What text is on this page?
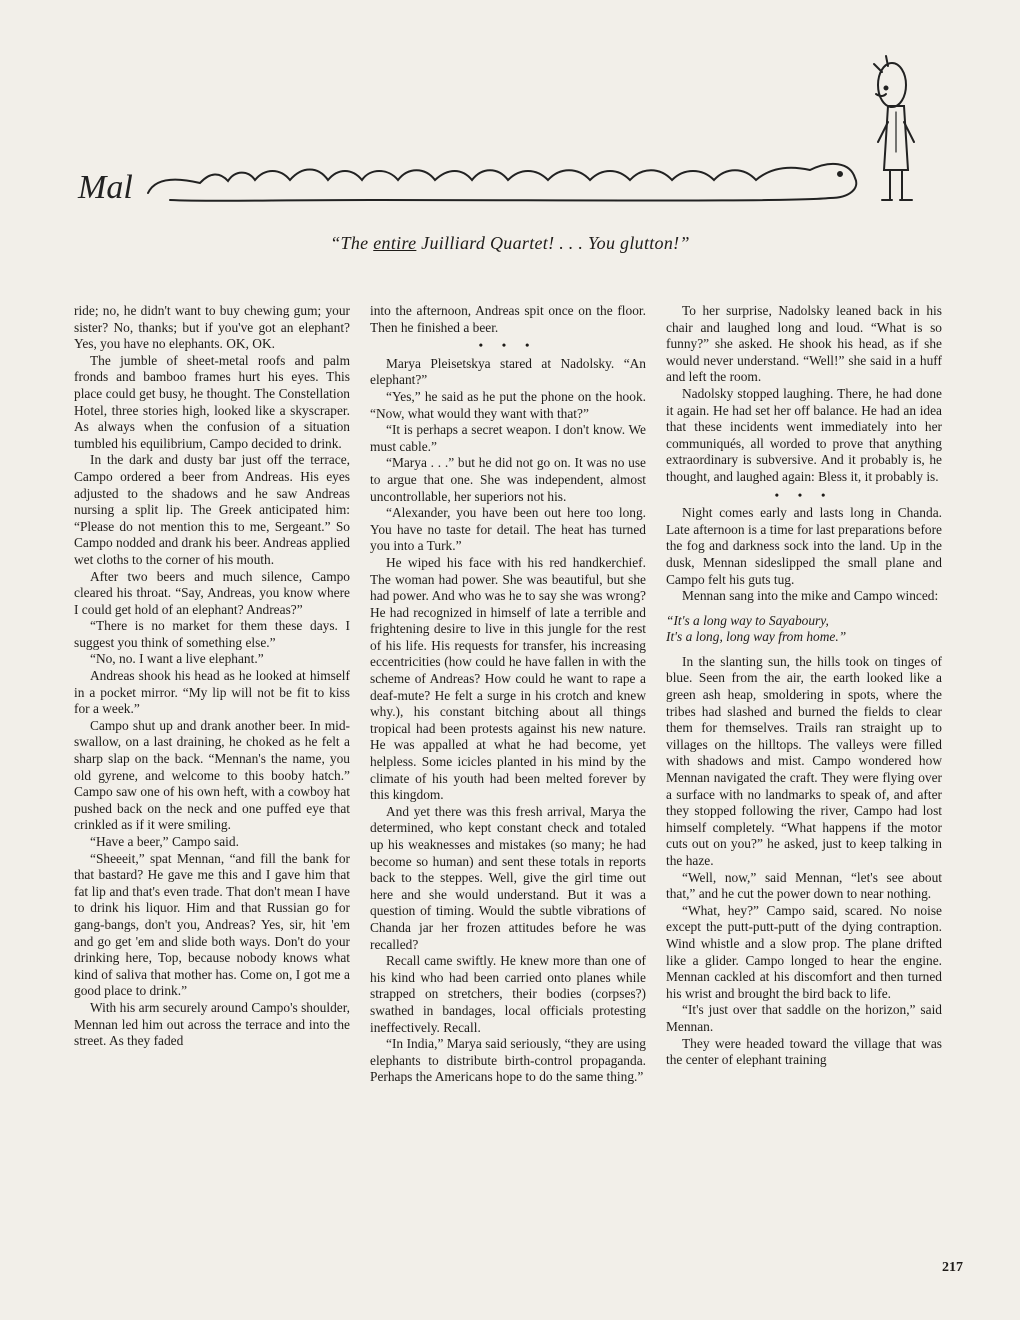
Mal
“The entire Juilliard Quartet! . . . You glutton!”

ride; no, he didn't want to buy chewing gum; your sister? No, thanks; but if you've got an elephant? Yes, you have no elephants. OK, OK.

The jumble of sheet-metal roofs and palm fronds and bamboo frames hurt his eyes. This place could get busy, he thought. The Constellation Hotel, three stories high, looked like a skyscraper. As always when the confusion of a situation tumbled his equilibrium, Campo decided to drink.

In the dark and dusty bar just off the terrace, Campo ordered a beer from Andreas. His eyes adjusted to the shadows and he saw Andreas nursing a split lip. The Greek anticipated him: “Please do not mention this to me, Sergeant.” So Campo nodded and drank his beer. Andreas applied wet cloths to the corner of his mouth.

After two beers and much silence, Campo cleared his throat. “Say, Andreas, you know where I could get hold of an elephant? Andreas?”

“There is no market for them these days. I suggest you think of something else.”

“No, no. I want a live elephant.”

Andreas shook his head as he looked at himself in a pocket mirror. “My lip will not be fit to kiss for a week.”

Campo shut up and drank another beer. In mid-swallow, on a last draining, he choked as he felt a sharp slap on the back. “Mennan's the name, you old gyrene, and welcome to this booby hatch.” Campo saw one of his own heft, with a cowboy hat pushed back on the neck and one puffed eye that crinkled as if it were smiling.

“Have a beer,” Campo said.

“Sheeeit,” spat Mennan, “and fill the bank for that bastard? He gave me this and I gave him that fat lip and that's even trade. That don't mean I have to drink his liquor. Him and that Russian go for gang-bangs, don't you, Andreas? Yes, sir, hit 'em and go get 'em and slide both ways. Don't do your drinking here, Top, because nobody knows what kind of saliva that mother has. Come on, I got me a good place to drink.”

With his arm securely around Campo's shoulder, Mennan led him out across the terrace and into the street. As they faded

into the afternoon, Andreas spit once on the floor. Then he finished a beer.

• • •

Marya Pleisetskya stared at Nadolsky. “An elephant?”

“Yes,” he said as he put the phone on the hook. “Now, what would they want with that?”

“It is perhaps a secret weapon. I don't know. We must cable.”

“Marya . . .” but he did not go on. It was no use to argue that one. She was independent, almost uncontrollable, her superiors not his.

“Alexander, you have been out here too long. You have no taste for detail. The heat has turned you into a Turk.”

He wiped his face with his red handkerchief. The woman had power. She was beautiful, but she had power. And who was he to say she was wrong? He had recognized in himself of late a terrible and frightening desire to live in this jungle for the rest of his life. His requests for transfer, his increasing eccentricities (how could he have fallen in with the scheme of Andreas? How could he want to rape a deaf-mute? He felt a surge in his crotch and knew why.), his constant bitching about all things tropical had been protests against his new nature. He was appalled at what he had become, yet helpless. Some icicles planted in his mind by the climate of his youth had been melted forever by this kingdom.

And yet there was this fresh arrival, Marya the determined, who kept constant check and totaled up his weaknesses and mistakes (so many; he had become so human) and sent these totals in reports back to the steppes. Well, give the girl time out here and she would understand. But it was a question of timing. Would the subtle vibrations of Chanda jar her frozen attitudes before he was recalled?

Recall came swiftly. He knew more than one of his kind who had been carried onto planes while strapped on stretchers, their bodies (corpses?) swathed in bandages, local officials protesting ineffectively. Recall.

“In India,” Marya said seriously, “they are using elephants to distribute birth-control propaganda. Perhaps the Americans hope to do the same thing.”

To her surprise, Nadolsky leaned back in his chair and laughed long and loud. “What is so funny?” she asked. He shook his head, as if she would never understand. “Well!” she said in a huff and left the room.

Nadolsky stopped laughing. There, he had done it again. He had set her off balance. He had an idea that these incidents went immediately into her communiqués, all worded to prove that anything extraordinary is subversive. And it probably is, he thought, and laughed again: Bless it, it probably is.

• • •

Night comes early and lasts long in Chanda. Late afternoon is a time for last preparations before the fog and darkness sock into the land. Up in the dusk, Mennan sideslipped the small plane and Campo felt his guts tug.

Mennan sang into the mike and Campo winced:

“It's a long way to Sayaboury,
It's a long, long way from home.”

In the slanting sun, the hills took on tinges of blue. Seen from the air, the earth looked like a green ash heap, smoldering in spots, where the tribes had slashed and burned the fields to clear them for themselves. Trails ran straight up to villages on the hilltops. The valleys were filled with shadows and mist. Campo wondered how Mennan navigated the craft. They were flying over a surface with no landmarks to speak of, and after they stopped following the river, Campo had lost himself completely. “What happens if the motor cuts out on you?” he asked, just to keep talking in the haze.

“Well, now,” said Mennan, “let's see about that,” and he cut the power down to near nothing.

“What, hey?” Campo said, scared. No noise except the putt-putt-putt of the dying contraption. Wind whistle and a slow prop. The plane drifted like a glider. Campo longed to hear the engine. Mennan cackled at his discomfort and then turned his wrist and brought the bird back to life.

“It's just over that saddle on the horizon,” said Mennan.

They were headed toward the village that was the center of elephant training

217
